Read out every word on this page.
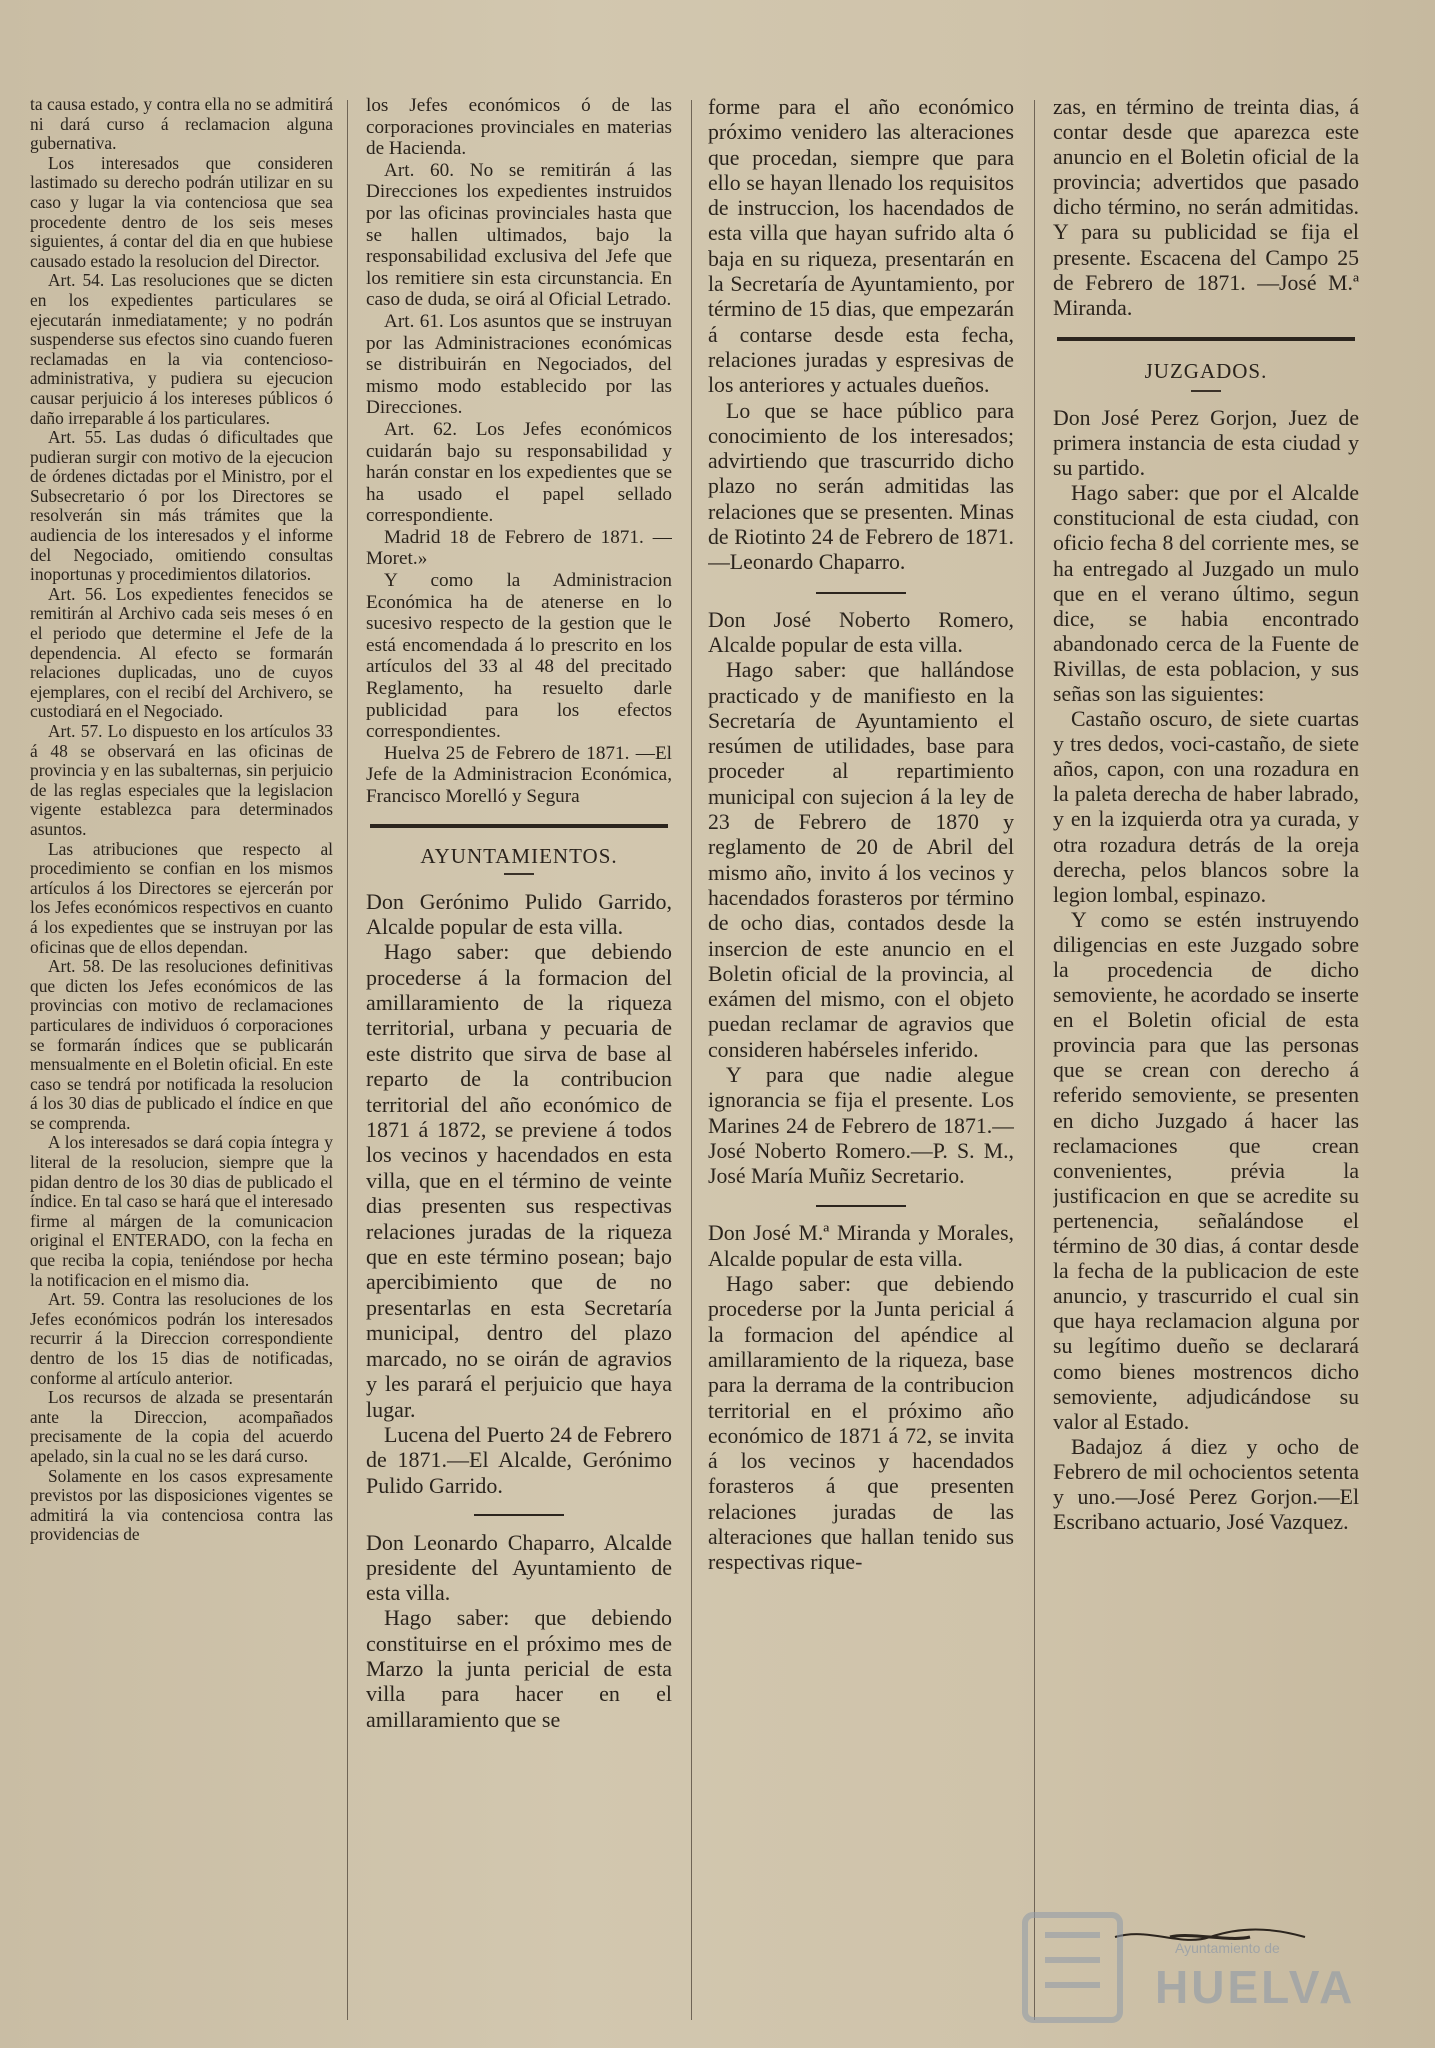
ta causa estado, y contra ella no se admitirá ni dará curso á reclamacion alguna gubernativa.

Los interesados que consideren lastimado su derecho podrán utilizar en su caso y lugar la via contenciosa que sea procedente dentro de los seis meses siguientes, á contar del dia en que hubiese causado estado la resolucion del Director.

Art. 54. Las resoluciones que se dicten en los expedientes particulares se ejecutarán inmediatamente; y no podrán suspenderse sus efectos sino cuando fueren reclamadas en la via contencioso-administrativa, y pudiera su ejecucion causar perjuicio á los intereses públicos ó daño irreparable á los particulares.

Art. 55. Las dudas ó dificultades que pudieran surgir con motivo de la ejecucion de órdenes dictadas por el Ministro, por el Subsecretario ó por los Directores se resolverán sin más trámites que la audiencia de los interesados y el informe del Negociado, omitiendo consultas inoportunas y procedimientos dilatorios.

Art. 56. Los expedientes fenecidos se remitirán al Archivo cada seis meses ó en el periodo que determine el Jefe de la dependencia. Al efecto se formarán relaciones duplicadas, uno de cuyos ejemplares, con el recibí del Archivero, se custodiará en el Negociado.

Art. 57. Lo dispuesto en los artículos 33 á 48 se observará en las oficinas de provincia y en las subalternas, sin perjuicio de las reglas especiales que la legislacion vigente establezca para determinados asuntos.

Las atribuciones que respecto al procedimiento se confian en los mismos artículos á los Directores se ejercerán por los Jefes económicos respectivos en cuanto á los expedientes que se instruyan por las oficinas que de ellos dependan.

Art. 58. De las resoluciones definitivas que dicten los Jefes económicos de las provincias con motivo de reclamaciones particulares de individuos ó corporaciones se formarán índices que se publicarán mensualmente en el Boletin oficial. En este caso se tendrá por notificada la resolucion á los 30 dias de publicado el índice en que se comprenda.

A los interesados se dará copia íntegra y literal de la resolucion, siempre que la pidan dentro de los 30 dias de publicado el índice. En tal caso se hará que el interesado firme al márgen de la comunicacion original el ENTERADO, con la fecha en que reciba la copia, teniéndose por hecha la notificacion en el mismo dia.

Art. 59. Contra las resoluciones de los Jefes económicos podrán los interesados recurrir á la Direccion correspondiente dentro de los 15 dias de notificadas, conforme al artículo anterior.

Los recursos de alzada se presentarán ante la Direccion, acompañados precisamente de la copia del acuerdo apelado, sin la cual no se les dará curso.

Solamente en los casos expresamente previstos por las disposiciones vigentes se admitirá la via contenciosa contra las providencias de

los Jefes económicos ó de las corporaciones provinciales en materias de Hacienda.

Art. 60. No se remitirán á las Direcciones los expedientes instruidos por las oficinas provinciales hasta que se hallen ultimados, bajo la responsabilidad exclusiva del Jefe que los remitiere sin esta circunstancia. En caso de duda, se oirá al Oficial Letrado.

Art. 61. Los asuntos que se instruyan por las Administraciones económicas se distribuirán en Negociados, del mismo modo establecido por las Direcciones.

Art. 62. Los Jefes económicos cuidarán bajo su responsabilidad y harán constar en los expedientes que se ha usado el papel sellado correspondiente.

Madrid 18 de Febrero de 1871. —Moret.»

Y como la Administracion Económica ha de atenerse en lo sucesivo respecto de la gestion que le está encomendada á lo prescrito en los artículos del 33 al 48 del precitado Reglamento, ha resuelto darle publicidad para los efectos correspondientes.

Huelva 25 de Febrero de 1871. —El Jefe de la Administracion Económica, Francisco Morelló y Segura

AYUNTAMIENTOS.

Don Gerónimo Pulido Garrido, Alcalde popular de esta villa.

Hago saber: que debiendo procederse á la formacion del amillaramiento de la riqueza territorial, urbana y pecuaria de este distrito que sirva de base al reparto de la contribucion territorial del año económico de 1871 á 1872, se previene á todos los vecinos y hacendados en esta villa, que en el término de veinte dias presenten sus respectivas relaciones juradas de la riqueza que en este término posean; bajo apercibimiento que de no presentarlas en esta Secretaría municipal, dentro del plazo marcado, no se oirán de agravios y les parará el perjuicio que haya lugar.

Lucena del Puerto 24 de Febrero de 1871.—El Alcalde, Gerónimo Pulido Garrido.

Don Leonardo Chaparro, Alcalde presidente del Ayuntamiento de esta villa.

Hago saber: que debiendo constituirse en el próximo mes de Marzo la junta pericial de esta villa para hacer en el amillaramiento que se

forme para el año económico próximo venidero las alteraciones que procedan, siempre que para ello se hayan llenado los requisitos de instruccion, los hacendados de esta villa que hayan sufrido alta ó baja en su riqueza, presentarán en la Secretaría de Ayuntamiento, por término de 15 dias, que empezarán á contarse desde esta fecha, relaciones juradas y espresivas de los anteriores y actuales dueños.

Lo que se hace público para conocimiento de los interesados; advirtiendo que trascurrido dicho plazo no serán admitidas las relaciones que se presenten. Minas de Riotinto 24 de Febrero de 1871. —Leonardo Chaparro.

Don José Noberto Romero, Alcalde popular de esta villa.

Hago saber: que hallándose practicado y de manifiesto en la Secretaría de Ayuntamiento el resúmen de utilidades, base para proceder al repartimiento municipal con sujecion á la ley de 23 de Febrero de 1870 y reglamento de 20 de Abril del mismo año, invito á los vecinos y hacendados forasteros por término de ocho dias, contados desde la insercion de este anuncio en el Boletin oficial de la provincia, al exámen del mismo, con el objeto puedan reclamar de agravios que consideren habérseles inferido.

Y para que nadie alegue ignorancia se fija el presente. Los Marines 24 de Febrero de 1871.—José Noberto Romero.—P. S. M., José María Muñiz Secretario.

Don José M.ª Miranda y Morales, Alcalde popular de esta villa.

Hago saber: que debiendo procederse por la Junta pericial á la formacion del apéndice al amillaramiento de la riqueza, base para la derrama de la contribucion territorial en el próximo año económico de 1871 á 72, se invita á los vecinos y hacendados forasteros á que presenten relaciones juradas de las alteraciones que hallan tenido sus respectivas rique-

zas, en término de treinta dias, á contar desde que aparezca este anuncio en el Boletin oficial de la provincia; advertidos que pasado dicho término, no serán admitidas. Y para su publicidad se fija el presente. Escacena del Campo 25 de Febrero de 1871. —José M.ª Miranda.

JUZGADOS.

Don José Perez Gorjon, Juez de primera instancia de esta ciudad y su partido.

Hago saber: que por el Alcalde constitucional de esta ciudad, con oficio fecha 8 del corriente mes, se ha entregado al Juzgado un mulo que en el verano último, segun dice, se habia encontrado abandonado cerca de la Fuente de Rivillas, de esta poblacion, y sus señas son las siguientes:

Castaño oscuro, de siete cuartas y tres dedos, voci-castaño, de siete años, capon, con una rozadura en la paleta derecha de haber labrado, y en la izquierda otra ya curada, y otra rozadura detrás de la oreja derecha, pelos blancos sobre la legion lombal, espinazo.

Y como se estén instruyendo diligencias en este Juzgado sobre la procedencia de dicho semoviente, he acordado se inserte en el Boletin oficial de esta provincia para que las personas que se crean con derecho á referido semoviente, se presenten en dicho Juzgado á hacer las reclamaciones que crean convenientes, prévia la justificacion en que se acredite su pertenencia, señalándose el término de 30 dias, á contar desde la fecha de la publicacion de este anuncio, y trascurrido el cual sin que haya reclamacion alguna por su legítimo dueño se declarará como bienes mostrencos dicho semoviente, adjudicándose su valor al Estado.

Badajoz á diez y ocho de Febrero de mil ochocientos setenta y uno.—José Perez Gorjon.—El Escribano actuario, José Vazquez.

Ayuntamiento de
HUELVA
